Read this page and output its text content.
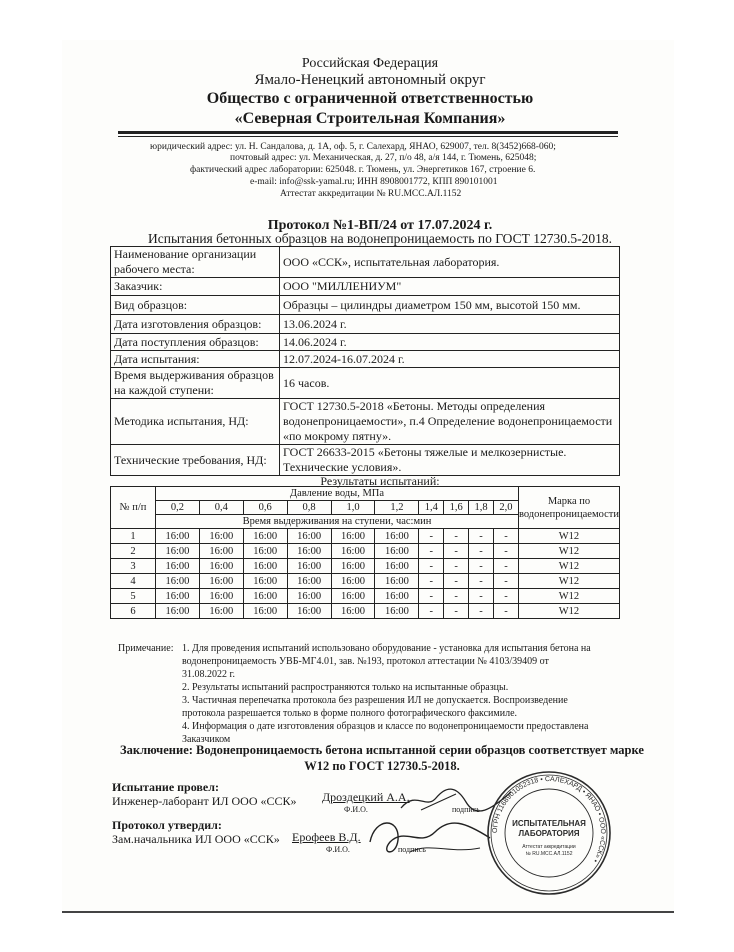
Российская Федерация
Ямало-Ненецкий автономный округ
Общество с ограниченной ответственностью
«Северная Строительная Компания»
юридический адрес: ул. Н. Сандалова, д. 1А, оф. 5, г. Салехард, ЯНАО, 629007, тел. 8(3452)668-060;
почтовый адрес: ул. Механическая, д. 27, п/о 48, а/я 144, г. Тюмень, 625048;
фактический адрес лаборатории: 625048. г. Тюмень, ул. Энергетиков 167, строение 6.
e-mail: info@ssk-yamal.ru; ИНН 8908001772, КПП 890101001
Аттестат аккредитации № RU.MCC.АЛ.1152
Протокол №1-ВП/24 от 17.07.2024 г.
Испытания бетонных образцов на водонепроницаемость по ГОСТ 12730.5-2018.
Наименование организации рабочего места:	ООО «ССК», испытательная лаборатория.
Заказчик:	ООО "МИЛЛЕНИУМ"
Вид образцов:	Образцы – цилиндры диаметром 150 мм, высотой 150 мм.
Дата изготовления образцов:	13.06.2024 г.
Дата поступления образцов:	14.06.2024 г.
Дата испытания:	12.07.2024-16.07.2024 г.
Время выдерживания образцов на каждой ступени:	16 часов.
Методика испытания, НД:	ГОСТ 12730.5-2018 «Бетоны. Методы определения водонепроницаемости», п.4 Определение водонепроницаемости «по мокрому пятну».
Технические требования, НД:	ГОСТ 26633-2015 «Бетоны тяжелые и мелкозернистые. Технические условия».
Результаты испытаний:
№ п/п	Давление воды, МПа										Марка по водонепроницаемости
	0,2	0,4	0,6	0,8	1,0	1,2	1,4	1,6	1,8	2,0	
	Время выдерживания на ступени, час:мин										
1	16:00	16:00	16:00	16:00	16:00	16:00	-	-	-	-	W12
2	16:00	16:00	16:00	16:00	16:00	16:00	-	-	-	-	W12
3	16:00	16:00	16:00	16:00	16:00	16:00	-	-	-	-	W12
4	16:00	16:00	16:00	16:00	16:00	16:00	-	-	-	-	W12
5	16:00	16:00	16:00	16:00	16:00	16:00	-	-	-	-	W12
6	16:00	16:00	16:00	16:00	16:00	16:00	-	-	-	-	W12
Примечание: 1. Для проведения испытаний использовано оборудование - установка для испытания бетона на
водонепроницаемость УВБ-МГ4.01, зав. №193, протокол аттестации № 4103/39409 от
31.08.2022 г.
2. Результаты испытаний распространяются только на испытанные образцы.
3. Частичная перепечатка протокола без разрешения ИЛ не допускается. Воспроизведение
протокола разрешается только в форме полного фотографического факсимиле.
4. Информация о дате изготовления образцов и классе по водонепроницаемости предоставлена
Заказчиком
Заключение: Водонепроницаемость бетона испытанной серии образцов соответствует марке
W12 по ГОСТ 12730.5-2018.
Испытание провел:
Инженер-лаборант ИЛ ООО «ССК» Дроздецкий А.А.
Ф.И.О.	подпись
Протокол утвердил:
Зам.начальника ИЛ ООО «ССК» Ерофеев В.Д.
Ф.И.О.	подпись
ОГРН 1168901052318 • САЛЕХАРД • ЯНАО • ООО «ССК» •
ИСПЫТАТЕЛЬНАЯ
ЛАБОРАТОРИЯ
Аттестат аккредитации
№ RU.MCC.АЛ.1152
